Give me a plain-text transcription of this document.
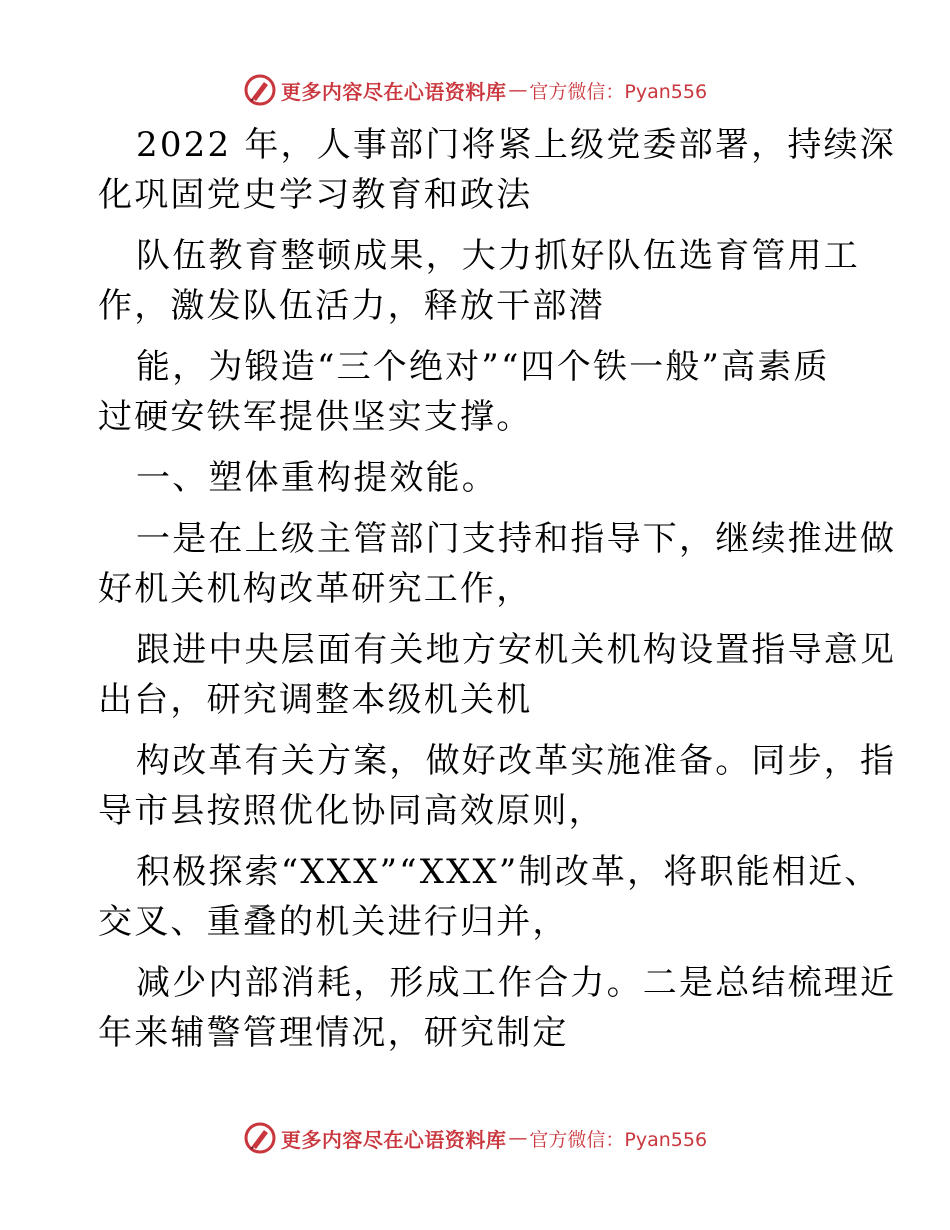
更多内容尽在心语资料库 — 官方微信：Pyan556

2022 年，人事部门将紧上级党委部署，持续深
化巩固党史学习教育和政法

队伍教育整顿成果，大力抓好队伍选育管用工
作，激发队伍活力，释放干部潜

能，为锻造“三个绝对”“四个铁一般”高素质
过硬安铁军提供坚实支撑。

一、塑体重构提效能。

一是在上级主管部门支持和指导下，继续推进做
好机关机构改革研究工作，

跟进中央层面有关地方安机关机构设置指导意见
出台，研究调整本级机关机

构改革有关方案，做好改革实施准备。同步，指
导市县按照优化协同高效原则，

积极探索“XXX”“XXX”制改革，将职能相近、
交叉、重叠的机关进行归并，

减少内部消耗，形成工作合力。二是总结梳理近
年来辅警管理情况，研究制定

更多内容尽在心语资料库 — 官方微信：Pyan556
